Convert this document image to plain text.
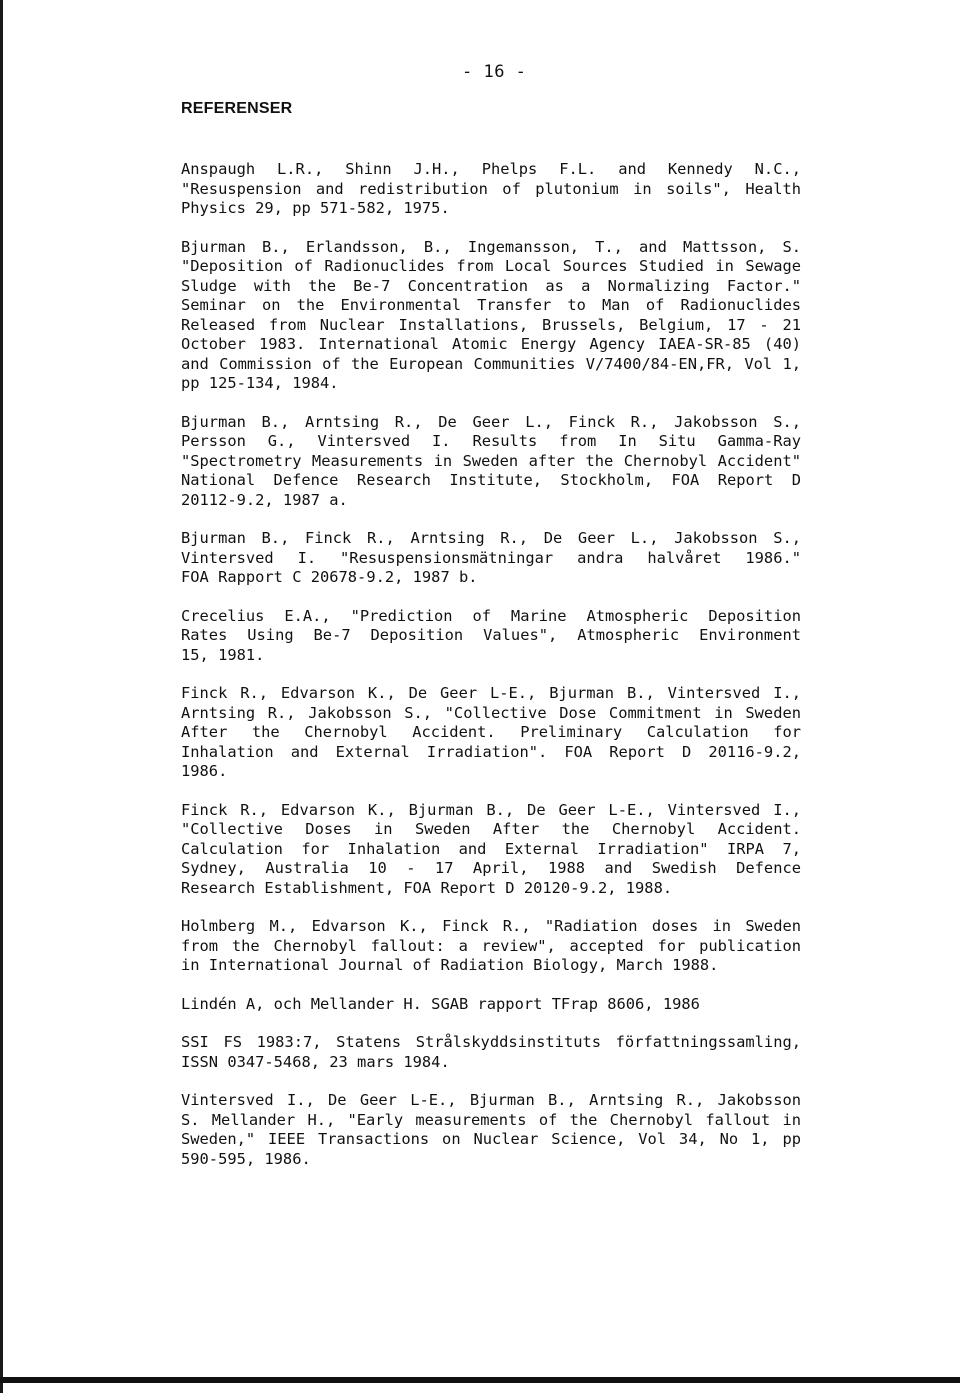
- 16 -
REFERENSER
Anspaugh L.R., Shinn J.H., Phelps F.L. and Kennedy N.C.,
"Resuspension and redistribution of plutonium in soils", Health
Physics 29, pp 571-582, 1975.
Bjurman B., Erlandsson, B., Ingemansson, T., and Mattsson, S.
"Deposition of Radionuclides from Local Sources Studied in Sewage
Sludge with the Be-7 Concentration as a Normalizing Factor."
Seminar on the Environmental Transfer to Man of Radionuclides
Released from Nuclear Installations, Brussels, Belgium, 17 - 21
October 1983. International Atomic Energy Agency IAEA-SR-85 (40)
and Commission of the European Communities V/7400/84-EN,FR, Vol 1,
pp 125-134, 1984.
Bjurman B., Arntsing R., De Geer L., Finck R., Jakobsson S.,
Persson G., Vintersved I. Results from In Situ Gamma-Ray
"Spectrometry Measurements in Sweden after the Chernobyl Accident"
National Defence Research Institute, Stockholm, FOA Report D
20112-9.2, 1987 a.
Bjurman B., Finck R., Arntsing R., De Geer L., Jakobsson S.,
Vintersved I. "Resuspensionsmätningar andra halvåret 1986."
FOA Rapport C 20678-9.2, 1987 b.
Crecelius E.A., "Prediction of Marine Atmospheric Deposition
Rates Using Be-7 Deposition Values", Atmospheric Environment
15, 1981.
Finck R., Edvarson K., De Geer L-E., Bjurman B., Vintersved I.,
Arntsing R., Jakobsson S., "Collective Dose Commitment in Sweden
After the Chernobyl Accident. Preliminary Calculation for
Inhalation and External Irradiation". FOA Report D 20116-9.2,
1986.
Finck R., Edvarson K., Bjurman B., De Geer L-E., Vintersved I.,
"Collective Doses in Sweden After the Chernobyl Accident.
Calculation for Inhalation and External Irradiation" IRPA 7,
Sydney, Australia 10 - 17 April, 1988 and Swedish Defence
Research Establishment, FOA Report D 20120-9.2, 1988.
Holmberg M., Edvarson K., Finck R., "Radiation doses in Sweden
from the Chernobyl fallout: a review", accepted for publication
in International Journal of Radiation Biology, March 1988.
Lindén A, och Mellander H. SGAB rapport TFrap 8606, 1986
SSI FS 1983:7, Statens Strålskyddsinstituts författningssamling,
ISSN 0347-5468, 23 mars 1984.
Vintersved I., De Geer L-E., Bjurman B., Arntsing R., Jakobsson
S. Mellander H., "Early measurements of the Chernobyl fallout in
Sweden," IEEE Transactions on Nuclear Science, Vol 34, No 1, pp
590-595, 1986.
